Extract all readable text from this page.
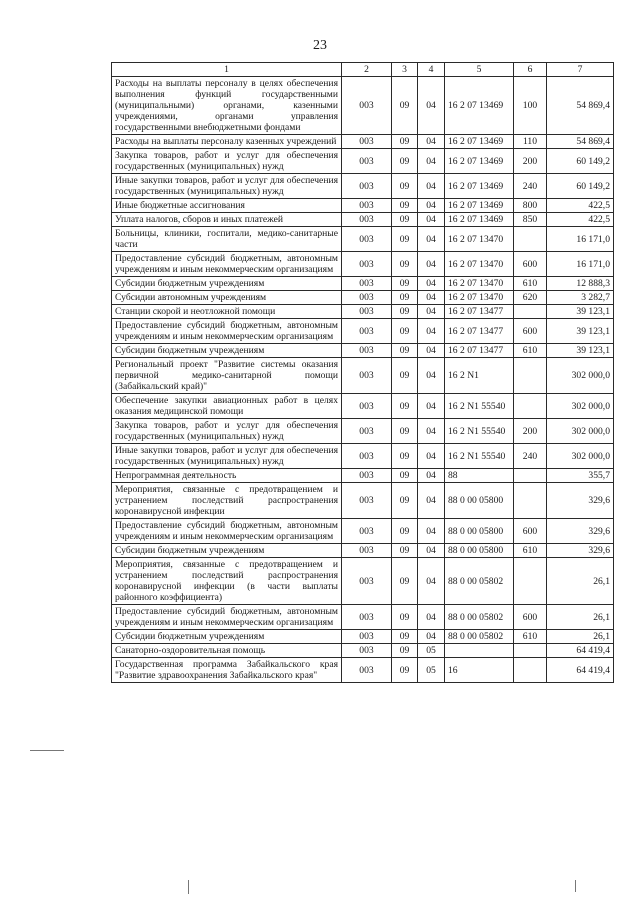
23
1	2	3	4	5	6	7
Расходы на выплаты персоналу в целях обеспечения выполнения функций государственными (муниципальными) органами, казенными учреждениями, органами управления государственными внебюджетными фондами	003	09	04	16 2 07 13469	100	54 869,4
Расходы на выплаты персоналу казенных учреждений	003	09	04	16 2 07 13469	110	54 869,4
Закупка товаров, работ и услуг для обеспечения государственных (муниципальных) нужд	003	09	04	16 2 07 13469	200	60 149,2
Иные закупки товаров, работ и услуг для обеспечения государственных (муниципальных) нужд	003	09	04	16 2 07 13469	240	60 149,2
Иные бюджетные ассигнования	003	09	04	16 2 07 13469	800	422,5
Уплата налогов, сборов и иных платежей	003	09	04	16 2 07 13469	850	422,5
Больницы, клиники, госпитали, медико-санитарные части	003	09	04	16 2 07 13470		16 171,0
Предоставление субсидий бюджетным, автономным учреждениям и иным некоммерческим организациям	003	09	04	16 2 07 13470	600	16 171,0
Субсидии бюджетным учреждениям	003	09	04	16 2 07 13470	610	12 888,3
Субсидии автономным учреждениям	003	09	04	16 2 07 13470	620	3 282,7
Станции скорой и неотложной помощи	003	09	04	16 2 07 13477		39 123,1
Предоставление субсидий бюджетным, автономным учреждениям и иным некоммерческим организациям	003	09	04	16 2 07 13477	600	39 123,1
Субсидии бюджетным учреждениям	003	09	04	16 2 07 13477	610	39 123,1
Региональный проект "Развитие системы оказания первичной медико-санитарной помощи (Забайкальский край)"	003	09	04	16 2 N1		302 000,0
Обеспечение закупки авиационных работ в целях оказания медицинской помощи	003	09	04	16 2 N1 55540		302 000,0
Закупка товаров, работ и услуг для обеспечения государственных (муниципальных) нужд	003	09	04	16 2 N1 55540	200	302 000,0
Иные закупки товаров, работ и услуг для обеспечения государственных (муниципальных) нужд	003	09	04	16 2 N1 55540	240	302 000,0
Непрограммная деятельность	003	09	04	88		355,7
Мероприятия, связанные с предотвращением и устранением последствий распространения коронавирусной инфекции	003	09	04	88 0 00 05800		329,6
Предоставление субсидий бюджетным, автономным учреждениям и иным некоммерческим организациям	003	09	04	88 0 00 05800	600	329,6
Субсидии бюджетным учреждениям	003	09	04	88 0 00 05800	610	329,6
Мероприятия, связанные с предотвращением и устранением последствий распространения коронавирусной инфекции (в части выплаты районного коэффициента)	003	09	04	88 0 00 05802		26,1
Предоставление субсидий бюджетным, автономным учреждениям и иным некоммерческим организациям	003	09	04	88 0 00 05802	600	26,1
Субсидии бюджетным учреждениям	003	09	04	88 0 00 05802	610	26,1
Санаторно-оздоровительная помощь	003	09	05			64 419,4
Государственная программа Забайкальского края "Развитие здравоохранения Забайкальского края"	003	09	05	16		64 419,4
